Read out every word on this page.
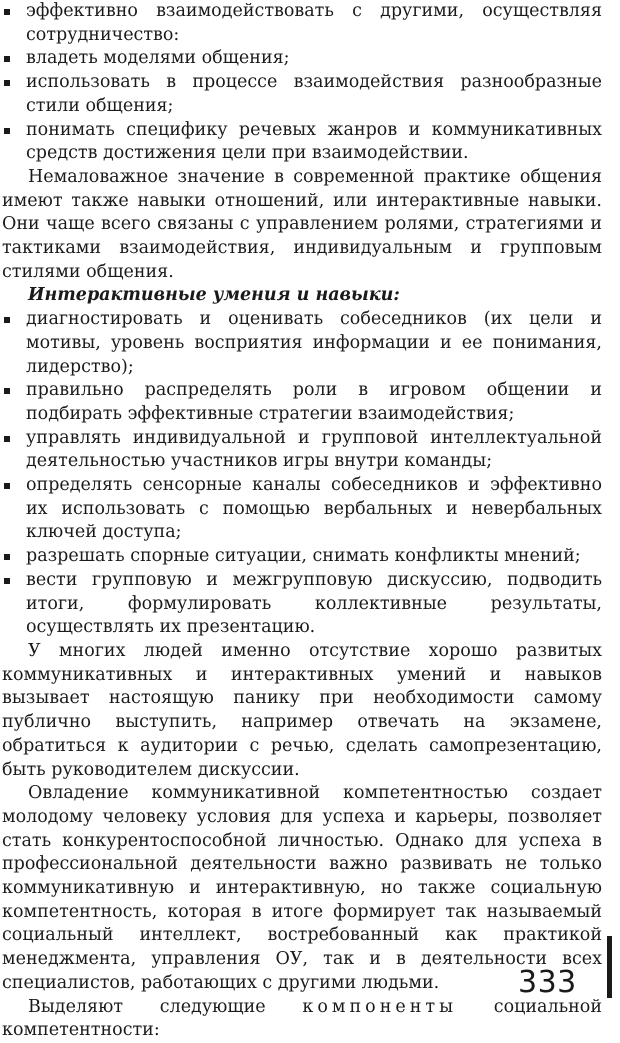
эффективно взаимодействовать с другими, осуществляя сотрудничество:
владеть моделями общения;
использовать в процессе взаимодействия разнообразные стили общения;
понимать специфику речевых жанров и коммуникативных средств достижения цели при взаимодействии.

Немаловажное значение в современной практике общения имеют также навыки отношений, или интерактивные навыки. Они чаще всего связаны с управлением ролями, стратегиями и тактиками взаимодействия, индивидуальным и групповым стилями общения.

Интерактивные умения и навыки:

диагностировать и оценивать собеседников (их цели и мотивы, уровень восприятия информации и ее понимания, лидерство);
правильно распределять роли в игровом общении и подбирать эффективные стратегии взаимодействия;
управлять индивидуальной и групповой интеллектуальной деятельностью участников игры внутри команды;
определять сенсорные каналы собеседников и эффективно их использовать с помощью вербальных и невербальных ключей доступа;
разрешать спорные ситуации, снимать конфликты мнений;
вести групповую и межгрупповую дискуссию, подводить итоги, формулировать коллективные результаты, осуществлять их презентацию.

У многих людей именно отсутствие хорошо развитых коммуникативных и интерактивных умений и навыков вызывает настоящую панику при необходимости самому публично выступить, например отвечать на экзамене, обратиться к аудитории с речью, сделать самопрезентацию, быть руководителем дискуссии.

Овладение коммуникативной компетентностью создает молодому человеку условия для успеха и карьеры, позволяет стать конкурентоспособной личностью. Однако для успеха в профессиональной деятельности важно развивать не только коммуникативную и интерактивную, но также социальную компетентность, которая в итоге формирует так называемый социальный интеллект, востребованный как практикой менеджмента, управления ОУ, так и в деятельности всех специалистов, работающих с другими людьми.

Выделяют следующие компоненты социальной компетентности:

333
